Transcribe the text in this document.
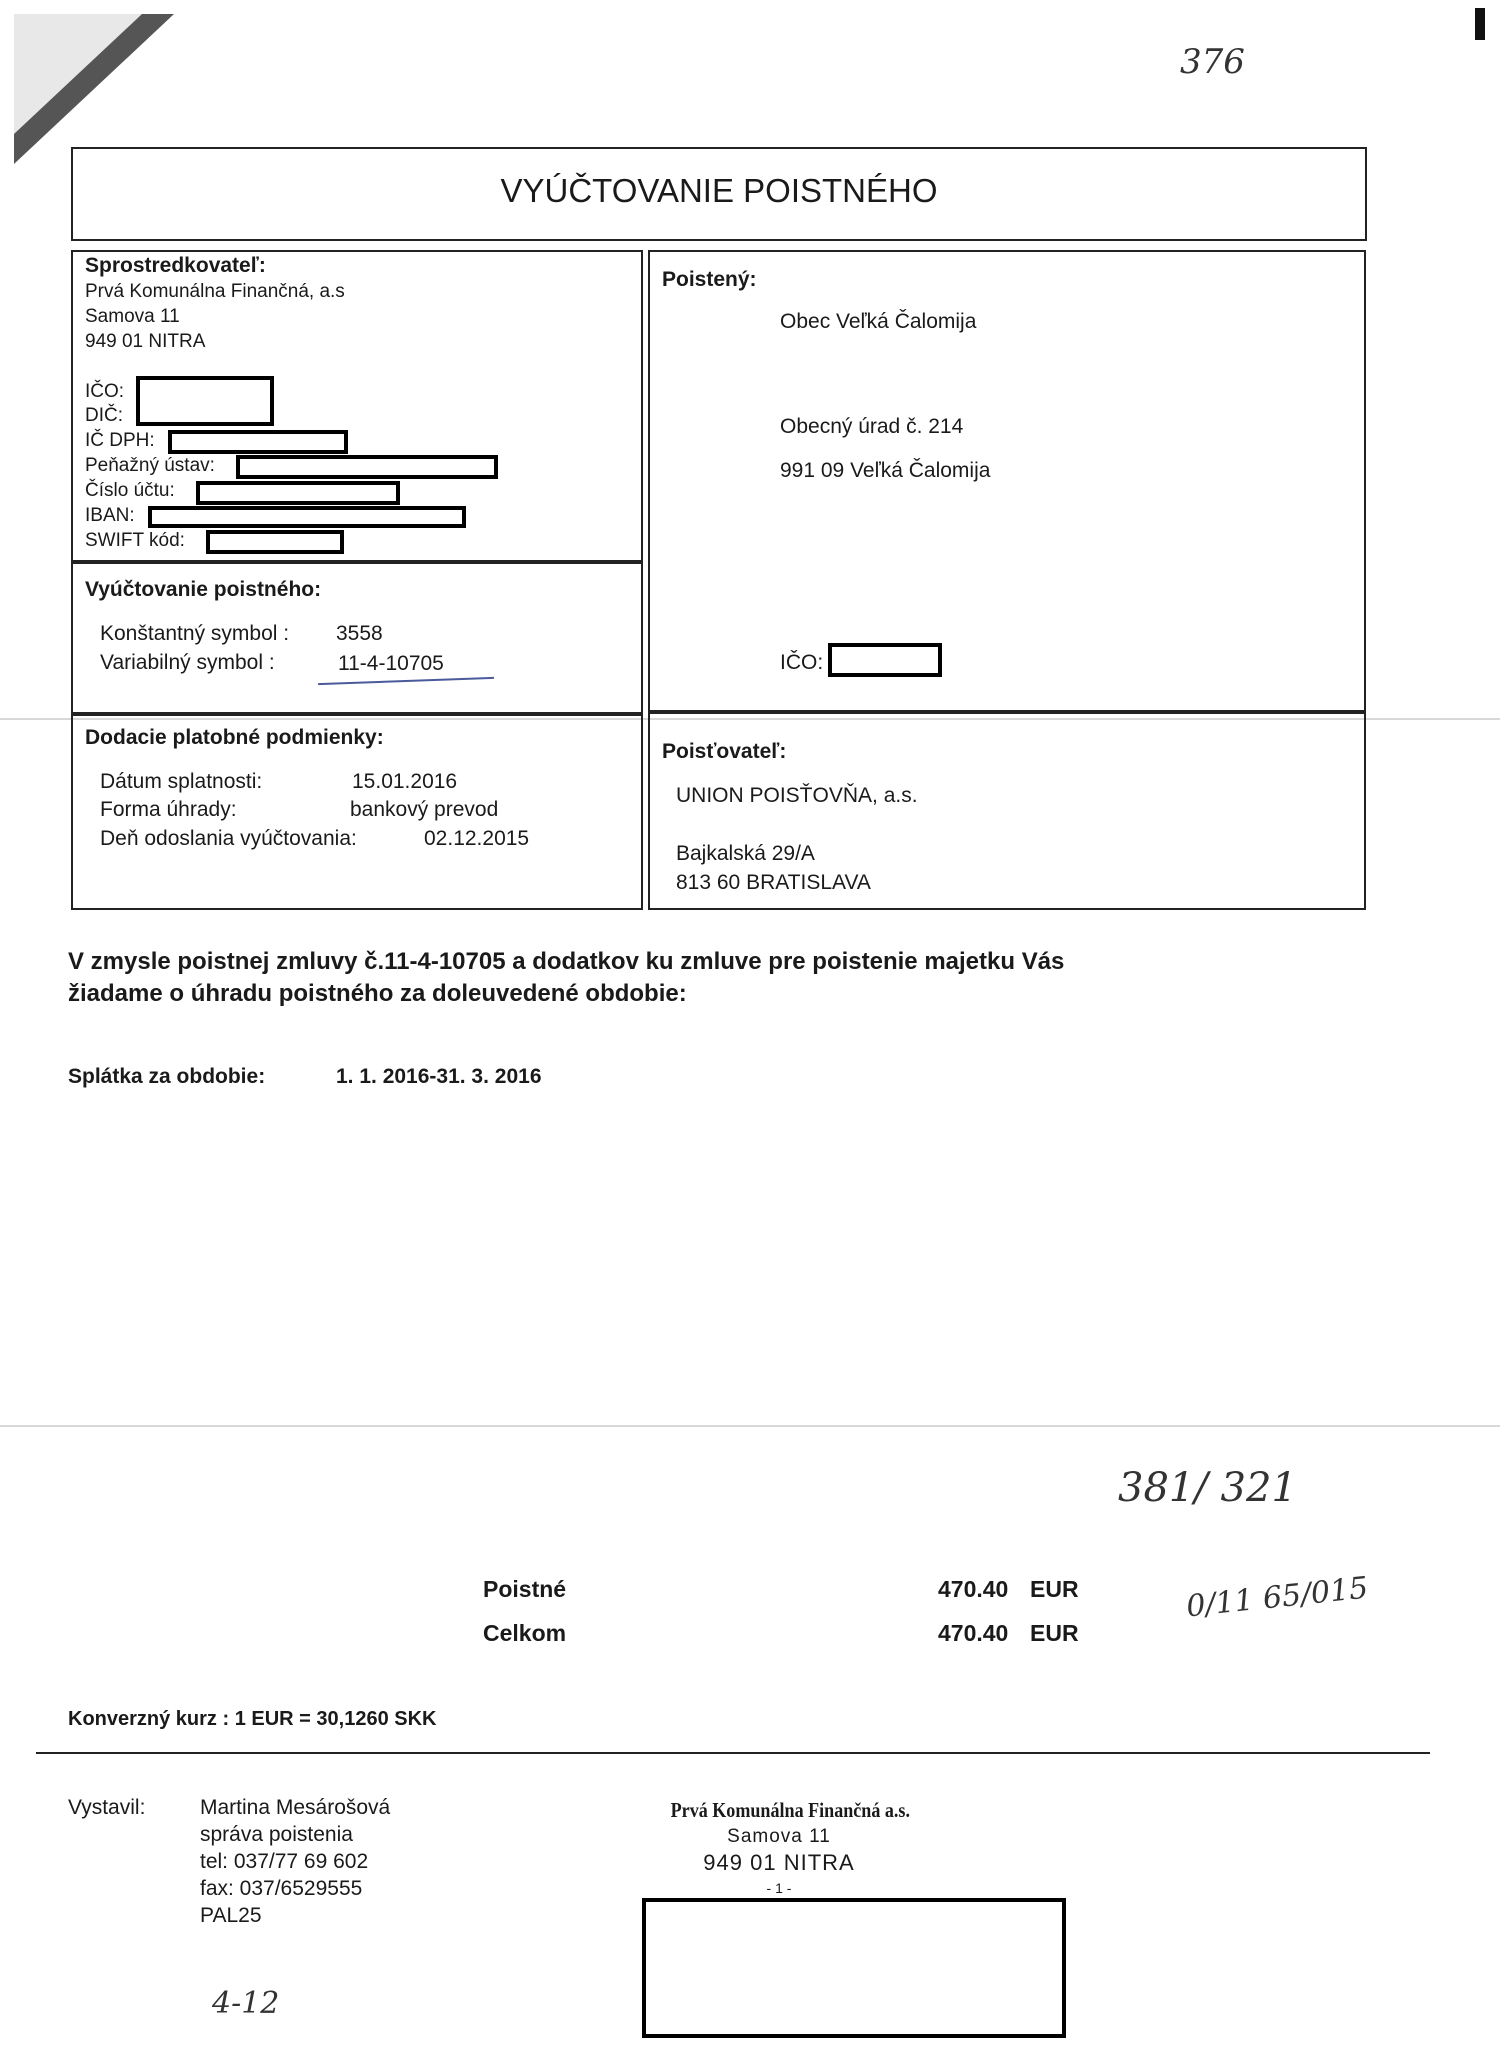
376
VYÚČTOVANIE POISTNÉHO
Sprostredkovateľ:
Prvá Komunálna Finančná, a.s
Samova 11
949 01 NITRA
IČO:
DIČ:
IČ DPH:
Peňažný ústav:
Číslo účtu:
IBAN:
SWIFT kód:
Vyúčtovanie poistného:
Konštantný symbol : 3558
Variabilný symbol :	11-4-10705
Poistený:
Obec Veľká Čalomija
Obecný úrad č. 214
991 09 Veľká Čalomija
IČO:
Dodacie platobné podmienky:
Dátum splatnosti:	15.01.2016
Forma úhrady:	bankový prevod
Deň odoslania vyúčtovania:	02.12.2015
Poisťovateľ:
UNION POISŤOVŇA, a.s.
Bajkalská 29/A
813 60 BRATISLAVA
V zmysle poistnej zmluvy č.11-4-10705 a dodatkov ku zmluve pre poistenie majetku Vás
žiadame o úhradu poistného za doleuvedené obdobie:
Splátka za obdobie:	1. 1. 2016-31. 3. 2016
381/ 321
0/11 65/015
Poistné	470.40 EUR
Celkom	470.40 EUR
Konverzný kurz : 1 EUR = 30,1260 SKK
Vystavil:	Martina Mesárošová
správa poistenia
tel: 037/77 69 602
fax: 037/6529555
PAL25
Prvá Komunálna Finančná a.s.
Samova 11
949 01 NITRA
- 1 -
4-12
